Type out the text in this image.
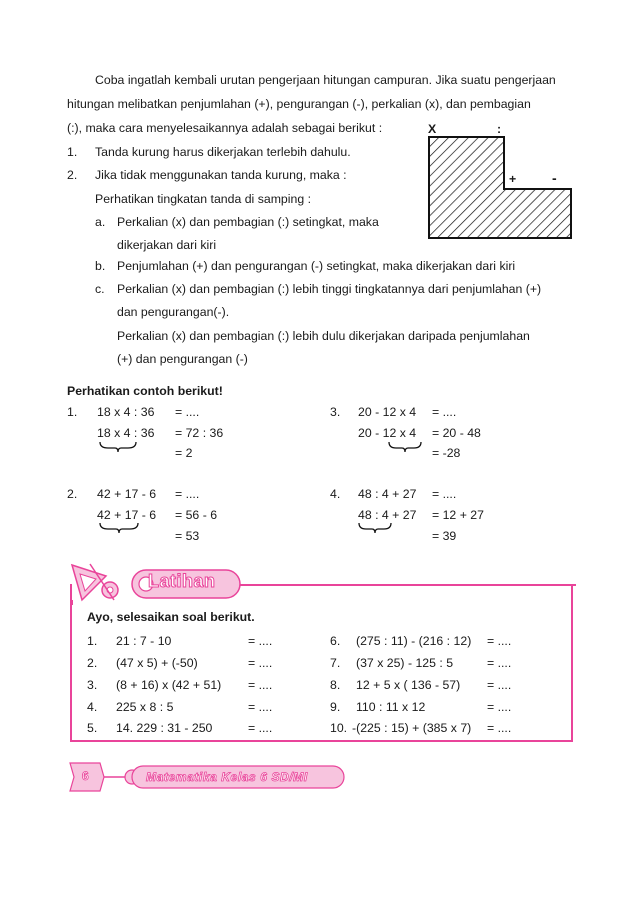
Coba ingatlah kembali urutan pengerjaan hitungan campuran. Jika suatu pengerjaan
hitungan melibatkan penjumlahan (+), pengurangan (-), perkalian (x), dan pembagian
(:), maka cara menyelesaikannya adalah sebagai berikut :
1. Tanda kurung harus dikerjakan terlebih dahulu.
2. Jika tidak menggunakan tanda kurung, maka :
Perhatikan tingkatan tanda di samping :
a. Perkalian (x) dan pembagian (:) setingkat, maka
dikerjakan dari kiri
b. Penjumlahan (+) dan pengurangan (-) setingkat, maka dikerjakan dari kiri
c. Perkalian (x) dan pembagian (:) lebih tinggi tingkatannya dari penjumlahan (+)
dan pengurangan(-).
Perkalian (x) dan pembagian (:) lebih dulu dikerjakan daripada penjumlahan
(+) dan pengurangan (-)
X	:
+	-
Perhatikan contoh berikut!
1. 18 x 4 : 36 = ....
18 x 4 : 36 = 72 : 36
= 2
2. 42 + 17 - 6 = ....
42 + 17 - 6 = 56 - 6
= 53
3. 20 - 12 x 4 = ....
20 - 12 x 4 = 20 - 48
= -28
4. 48 : 4 + 27 = ....
48 : 4 + 27 = 12 + 27
= 39
Latihan
Ayo, selesaikan soal berikut.
1. 21 : 7 - 10	= ....
2. (47 x 5) + (-50)	= ....
3. (8 + 16) x (42 + 51) = ....
4. 225 x 8 : 5	= ....
5. 14. 229 : 31 - 250	= ....
6. (275 : 11) - (216 : 12) = ....
7. (37 x 25) - 125 : 5	= ....
8. 12 + 5 x ( 136 - 57) = ....
9. 110 : 11 x 12	= ....
10. -(225 : 15) + (385 x 7) = ....
6	Matematika Kelas 6 SD/MI
